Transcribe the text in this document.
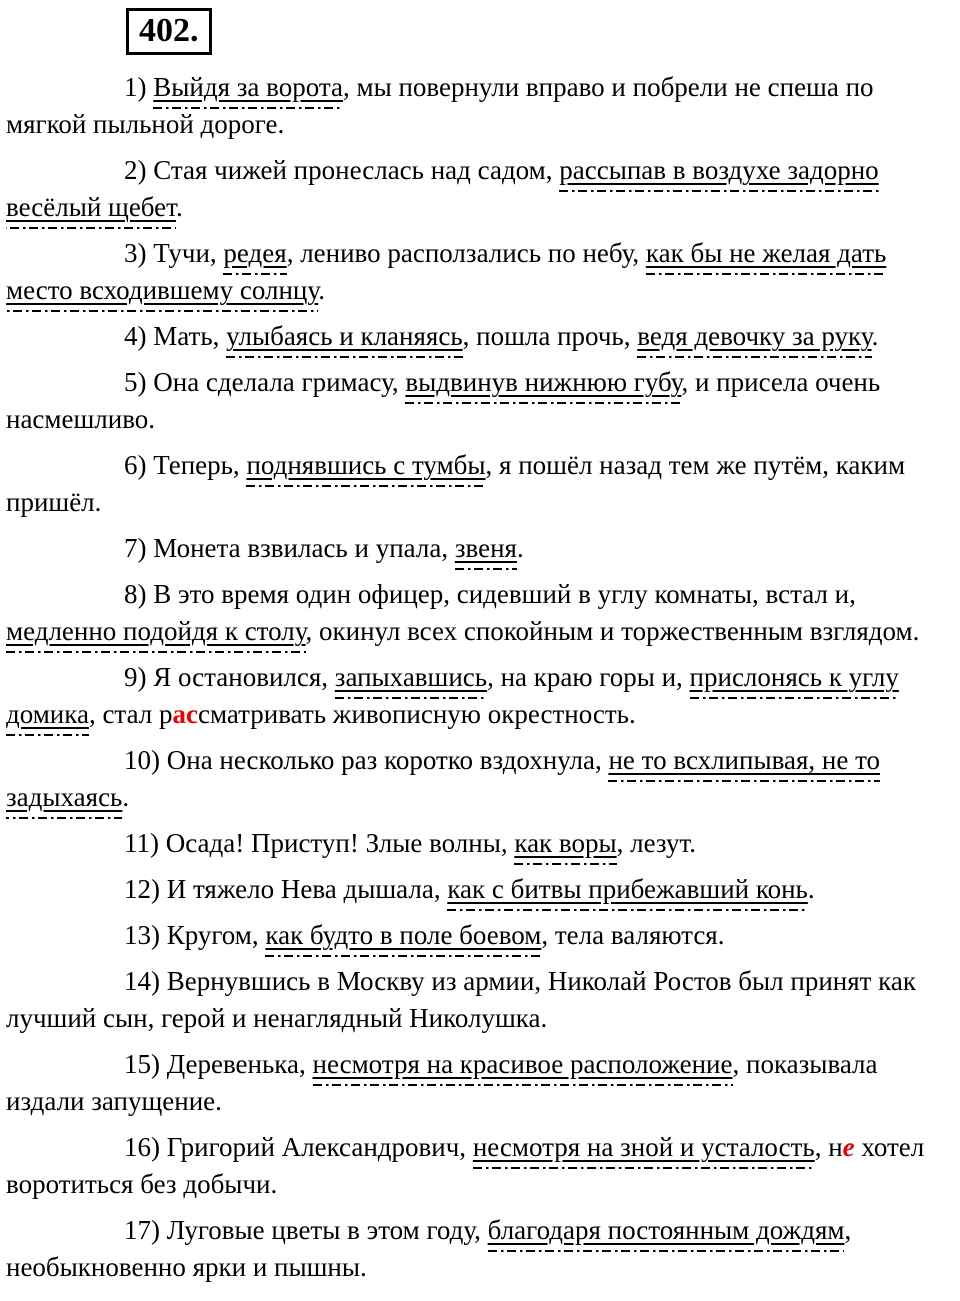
402.

1) Выйдя за ворота, мы повернули вправо и побрели не спеша по мягкой пыльной дороге.

2) Стая чижей пронеслась над садом, рассыпав в воздухе задорно весёлый щебет.

3) Тучи, редея, лениво расползались по небу, как бы не желая дать место всходившему солнцу.

4) Мать, улыбаясь и кланяясь, пошла прочь, ведя девочку за руку.

5) Она сделала гримасу, выдвинув нижнюю губу, и присела очень насмешливо.

6) Теперь, поднявшись с тумбы, я пошёл назад тем же путём, каким пришёл.

7) Монета взвилась и упала, звеня.

8) В это время один офицер, сидевший в углу комнаты, встал и, медленно подойдя к столу, окинул всех спокойным и торжественным взглядом.

9) Я остановился, запыхавшись, на краю горы и, прислонясь к углу домика, стал рассматривать живописную окрестность.

10) Она несколько раз коротко вздохнула, не то всхлипывая, не то задыхаясь.

11) Осада! Приступ! Злые волны, как воры, лезут.

12) И тяжело Нева дышала, как с битвы прибежавший конь.

13) Кругом, как будто в поле боевом, тела валяются.

14) Вернувшись в Москву из армии, Николай Ростов был принят как лучший сын, герой и ненаглядный Николушка.

15) Деревенька, несмотря на красивое расположение, показывала издали запущение.

16) Григорий Александрович, несмотря на зной и усталость, не хотел воротиться без добычи.

17) Луговые цветы в этом году, благодаря постоянным дождям, необыкновенно ярки и пышны.
